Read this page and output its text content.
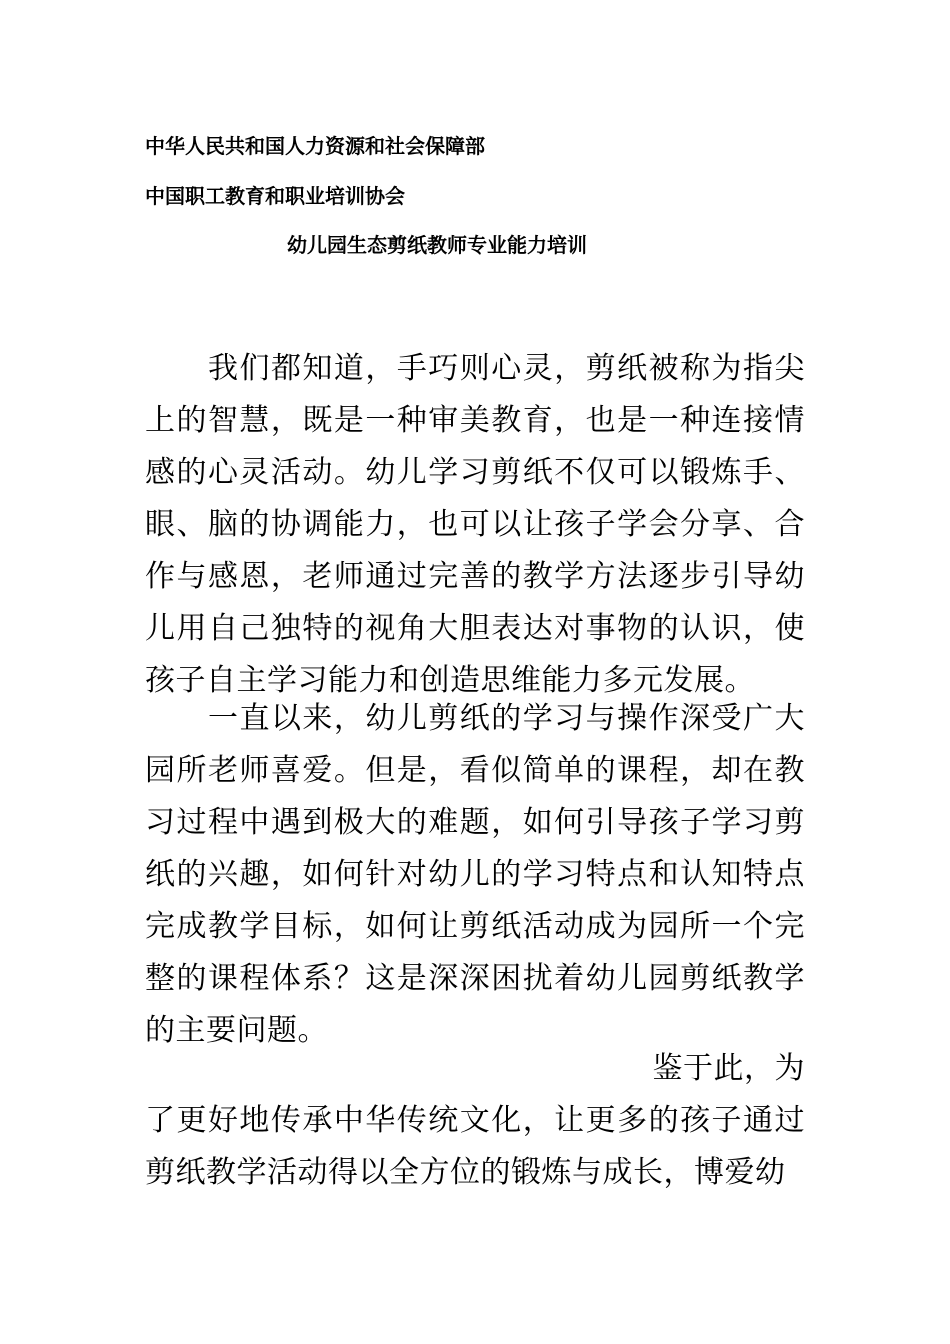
中华人民共和国人力资源和社会保障部
中国职工教育和职业培训协会
幼儿园生态剪纸教师专业能力培训

我们都知道，手巧则心灵，剪纸被称为指尖上的智慧，既是一种审美教育，也是一种连接情感的心灵活动。幼儿学习剪纸不仅可以锻炼手、眼、脑的协调能力，也可以让孩子学会分享、合作与感恩，老师通过完善的教学方法逐步引导幼儿用自己独特的视角大胆表达对事物的认识，使孩子自主学习能力和创造思维能力多元发展。

一直以来，幼儿剪纸的学习与操作深受广大园所老师喜爱。但是，看似简单的课程，却在教习过程中遇到极大的难题，如何引导孩子学习剪纸的兴趣，如何针对幼儿的学习特点和认知特点完成教学目标，如何让剪纸活动成为园所一个完整的课程体系？这是深深困扰着幼儿园剪纸教学的主要问题。

鉴于此，为

了更好地传承中华传统文化，让更多的孩子通过剪纸教学活动得以全方位的锻炼与成长，博爱幼
